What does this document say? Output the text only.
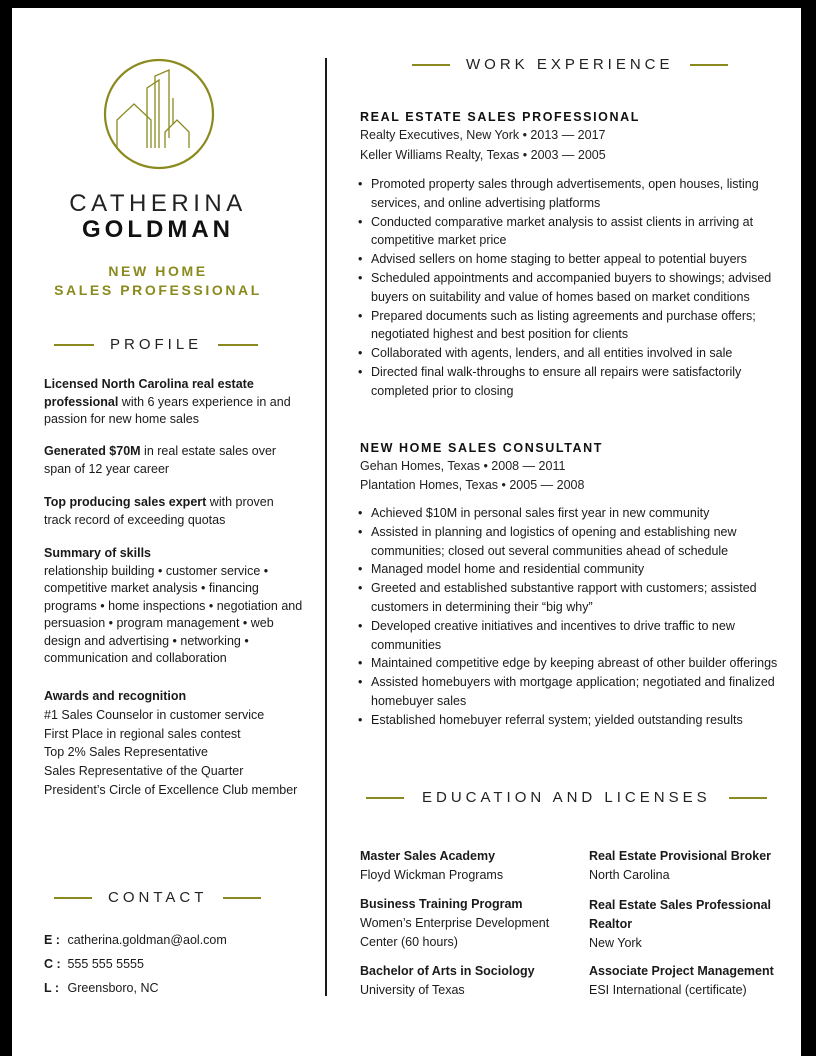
CATHERINA
GOLDMAN
NEW HOME
SALES PROFESSIONAL
PROFILE
Licensed North Carolina real estate professional with 6 years experience in and passion for new home sales
Generated $70M in real estate sales over span of 12 year career
Top producing sales expert with proven track record of exceeding quotas
Summary of skills
relationship building • customer service • competitive market analysis • financing programs • home inspections • negotiation and persuasion • program management • web design and advertising • networking • communication and collaboration
Awards and recognition
#1 Sales Counselor in customer service
First Place in regional sales contest
Top 2% Sales Representative
Sales Representative of the Quarter
President’s Circle of Excellence Club member
CONTACT
E : catherina.goldman@aol.com
C : 555 555 5555
L : Greensboro, NC
WORK EXPERIENCE
REAL ESTATE SALES PROFESSIONAL
Realty Executives, New York • 2013 — 2017
Keller Williams Realty, Texas • 2003 — 2005
• Promoted property sales through advertisements, open houses, listing services, and online advertising platforms
• Conducted comparative market analysis to assist clients in arriving at competitive market price
• Advised sellers on home staging to better appeal to potential buyers
• Scheduled appointments and accompanied buyers to showings; advised buyers on suitability and value of homes based on market conditions
• Prepared documents such as listing agreements and purchase offers; negotiated highest and best position for clients
• Collaborated with agents, lenders, and all entities involved in sale
• Directed final walk-throughs to ensure all repairs were satisfactorily completed prior to closing
NEW HOME SALES CONSULTANT
Gehan Homes, Texas • 2008 — 2011
Plantation Homes, Texas • 2005 — 2008
• Achieved $10M in personal sales first year in new community
• Assisted in planning and logistics of opening and establishing new communities; closed out several communities ahead of schedule
• Managed model home and residential community
• Greeted and established substantive rapport with customers; assisted customers in determining their “big why”
• Developed creative initiatives and incentives to drive traffic to new communities
• Maintained competitive edge by keeping abreast of other builder offerings
• Assisted homebuyers with mortgage application; negotiated and finalized homebuyer sales
• Established homebuyer referral system; yielded outstanding results
EDUCATION AND LICENSES
Master Sales Academy
Floyd Wickman Programs
Real Estate Provisional Broker
North Carolina
Business Training Program
Women’s Enterprise Development Center (60 hours)
Real Estate Sales Professional Realtor
New York
Bachelor of Arts in Sociology
University of Texas
Associate Project Management
ESI International (certificate)
